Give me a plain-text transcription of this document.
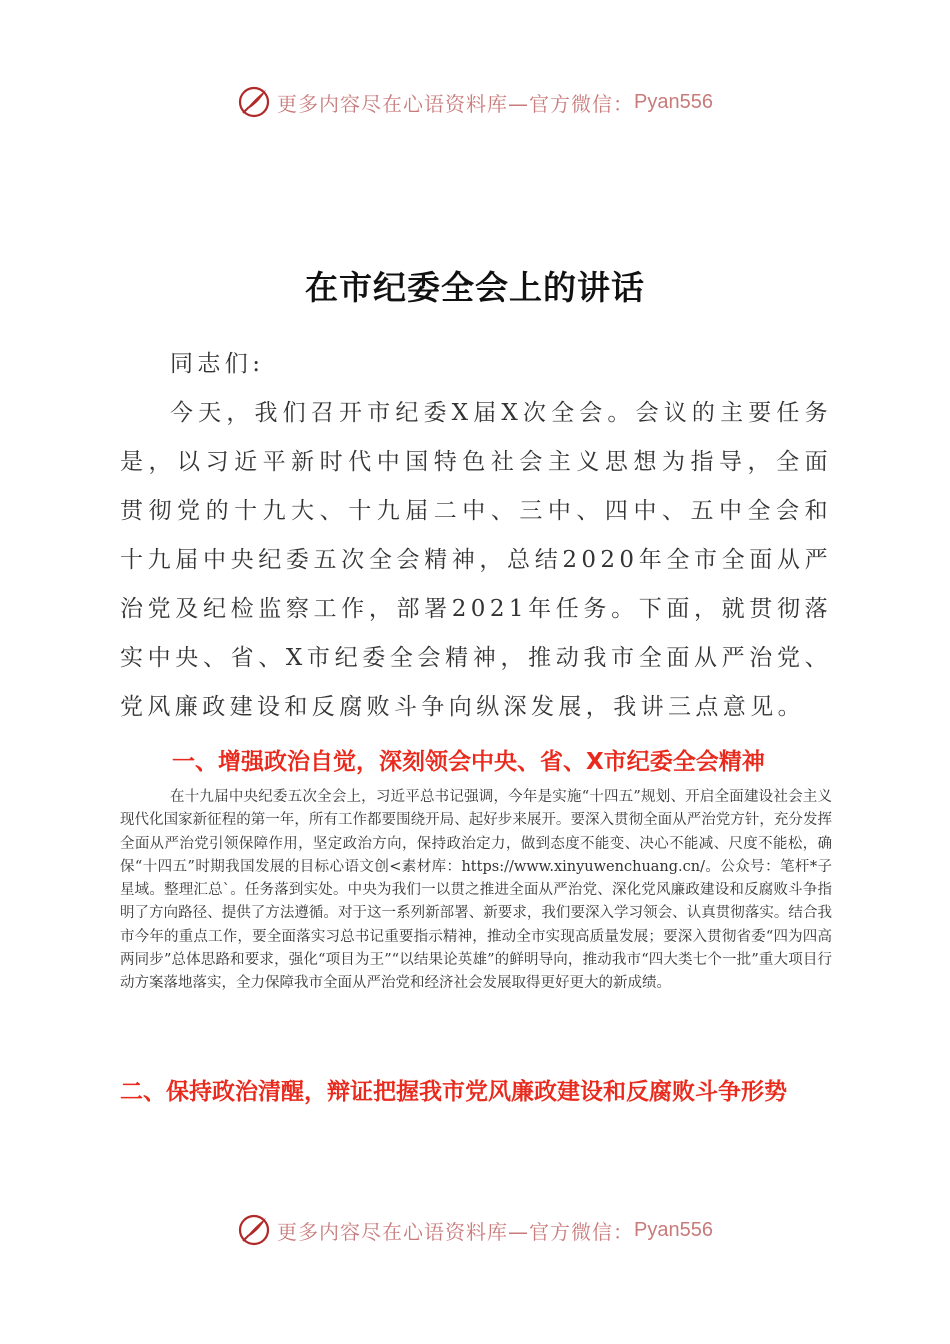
更多内容尽在心语资料库—官方微信： Pyan556
在市纪委全会上的讲话
同志们:
今天，我们召开市纪委X届X次全会。会议的主要任务是，以习近平新时代中国特色社会主义思想为指导，全面贯彻党的十九大、十九届二中、三中、四中、五中全会和十九届中央纪委五次全会精神，总结2020年全市全面从严治党及纪检监察工作，部署2021年任务。下面，就贯彻落实中央、省、X市纪委全会精神，推动我市全面从严治党、党风廉政建设和反腐败斗争向纵深发展，我讲三点意见。
一、增强政治自觉，深刻领会中央、省、X市纪委全会精神
在十九届中央纪委五次全会上，习近平总书记强调，今年是实施“十四五”规划、开启全面建设社会主义现代化国家新征程的第一年，所有工作都要围绕开局、起好步来展开。要深入贯彻全面从严治党方针，充分发挥全面从严治党引领保障作用，坚定政治方向，保持政治定力，做到态度不能变、决心不能减、尺度不能松，确保“十四五”时期我国发展的目标心语文创<素材库：https://www.xinyuwenchuang.cn/。公众号：笔杆*子星域。整理汇总`。任务落到实处。中央为我们一以贯之推进全面从严治党、深化党风廉政建设和反腐败斗争指明了方向路径、提供了方法遵循。对于这一系列新部署、新要求，我们要深入学习领会、认真贯彻落实。结合我市今年的重点工作，要全面落实习总书记重要指示精神，推动全市实现高质量发展；要深入贯彻省委“四为四高两同步”总体思路和要求，强化“项目为王”“以结果论英雄”的鲜明导向，推动我市“四大类七个一批”重大项目行动方案落地落实，全力保障我市全面从严治党和经济社会发展取得更好更大的新成绩。
二、保持政治清醒，辩证把握我市党风廉政建设和反腐败斗争形势
更多内容尽在心语资料库—官方微信： Pyan556
